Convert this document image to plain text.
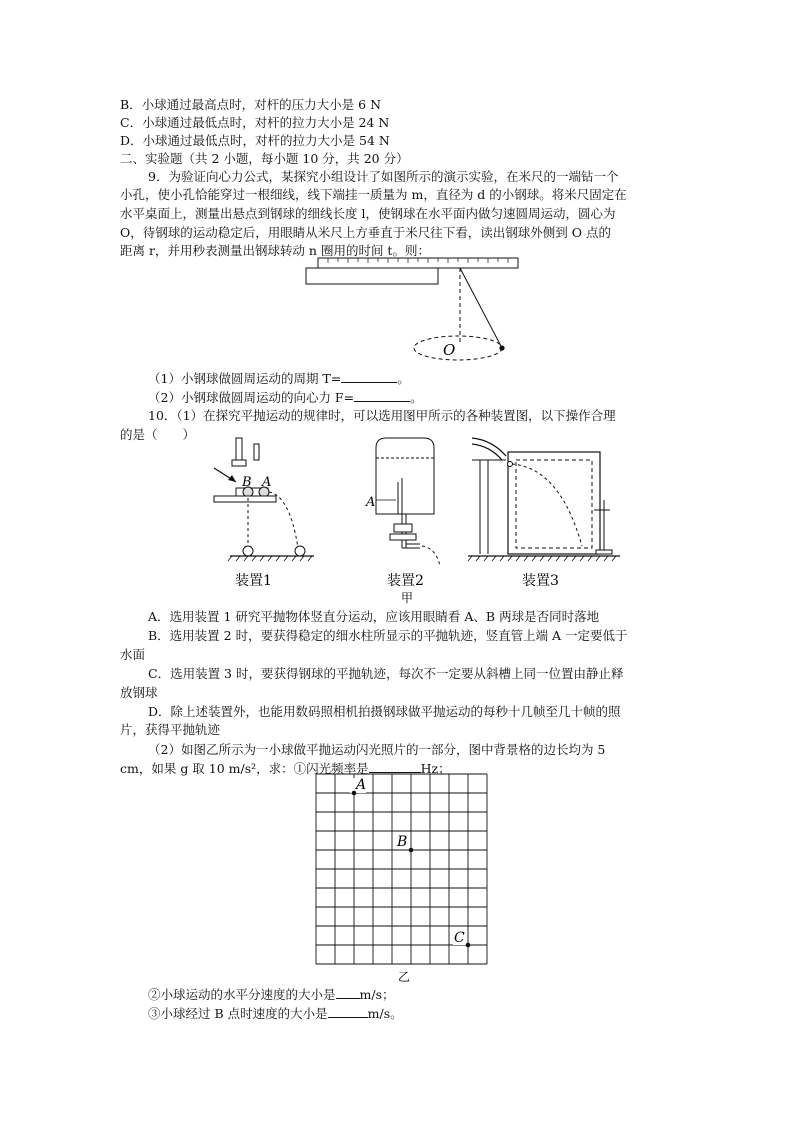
B．小球通过最高点时，对杆的压力大小是 6 N
C．小球通过最低点时，对杆的拉力大小是 24 N
D．小球通过最低点时，对杆的拉力大小是 54 N
二、实验题（共 2 小题，每小题 10 分，共 20 分）
9．为验证向心力公式，某探究小组设计了如图所示的演示实验，在米尺的一端钻一个
小孔，使小孔恰能穿过一根细线，线下端挂一质量为 m，直径为 d 的小钢球。将米尺固定在
水平桌面上，测量出悬点到钢球的细线长度 l，使钢球在水平面内做匀速圆周运动，圆心为
O，待钢球的运动稳定后，用眼睛从米尺上方垂直于米尺往下看，读出钢球外侧到 O 点的
距离 r，并用秒表测量出钢球转动 n 圈用的时间 t。则：
O
（1）小钢球做圆周运动的周期 T=	。
（2）小钢球做圆周运动的向心力 F=	。
10．（1）在探究平抛运动的规律时，可以选用图甲所示的各种装置图，以下操作合理
的是（　　）
B A
A
装置1	装置2	装置3
甲
A．选用装置 1 研究平抛物体竖直分运动，应该用眼睛看 A、B 两球是否同时落地
B．选用装置 2 时，要获得稳定的细水柱所显示的平抛轨迹，竖直管上端 A 一定要低于
水面
C．选用装置 3 时，要获得钢球的平抛轨迹，每次不一定要从斜槽上同一位置由静止释
放钢球
D．除上述装置外，也能用数码照相机拍摄钢球做平抛运动的每秒十几帧至几十帧的照
片，获得平抛轨迹
（2）如图乙所示为一小球做平抛运动闪光照片的一部分，图中背景格的边长均为 5
cm，如果 g 取 10 m/s²，求：①闪光频率是	Hz；
A
B
C
乙
②小球运动的水平分速度的大小是 m/s；
③小球经过 B 点时速度的大小是	m/s。
